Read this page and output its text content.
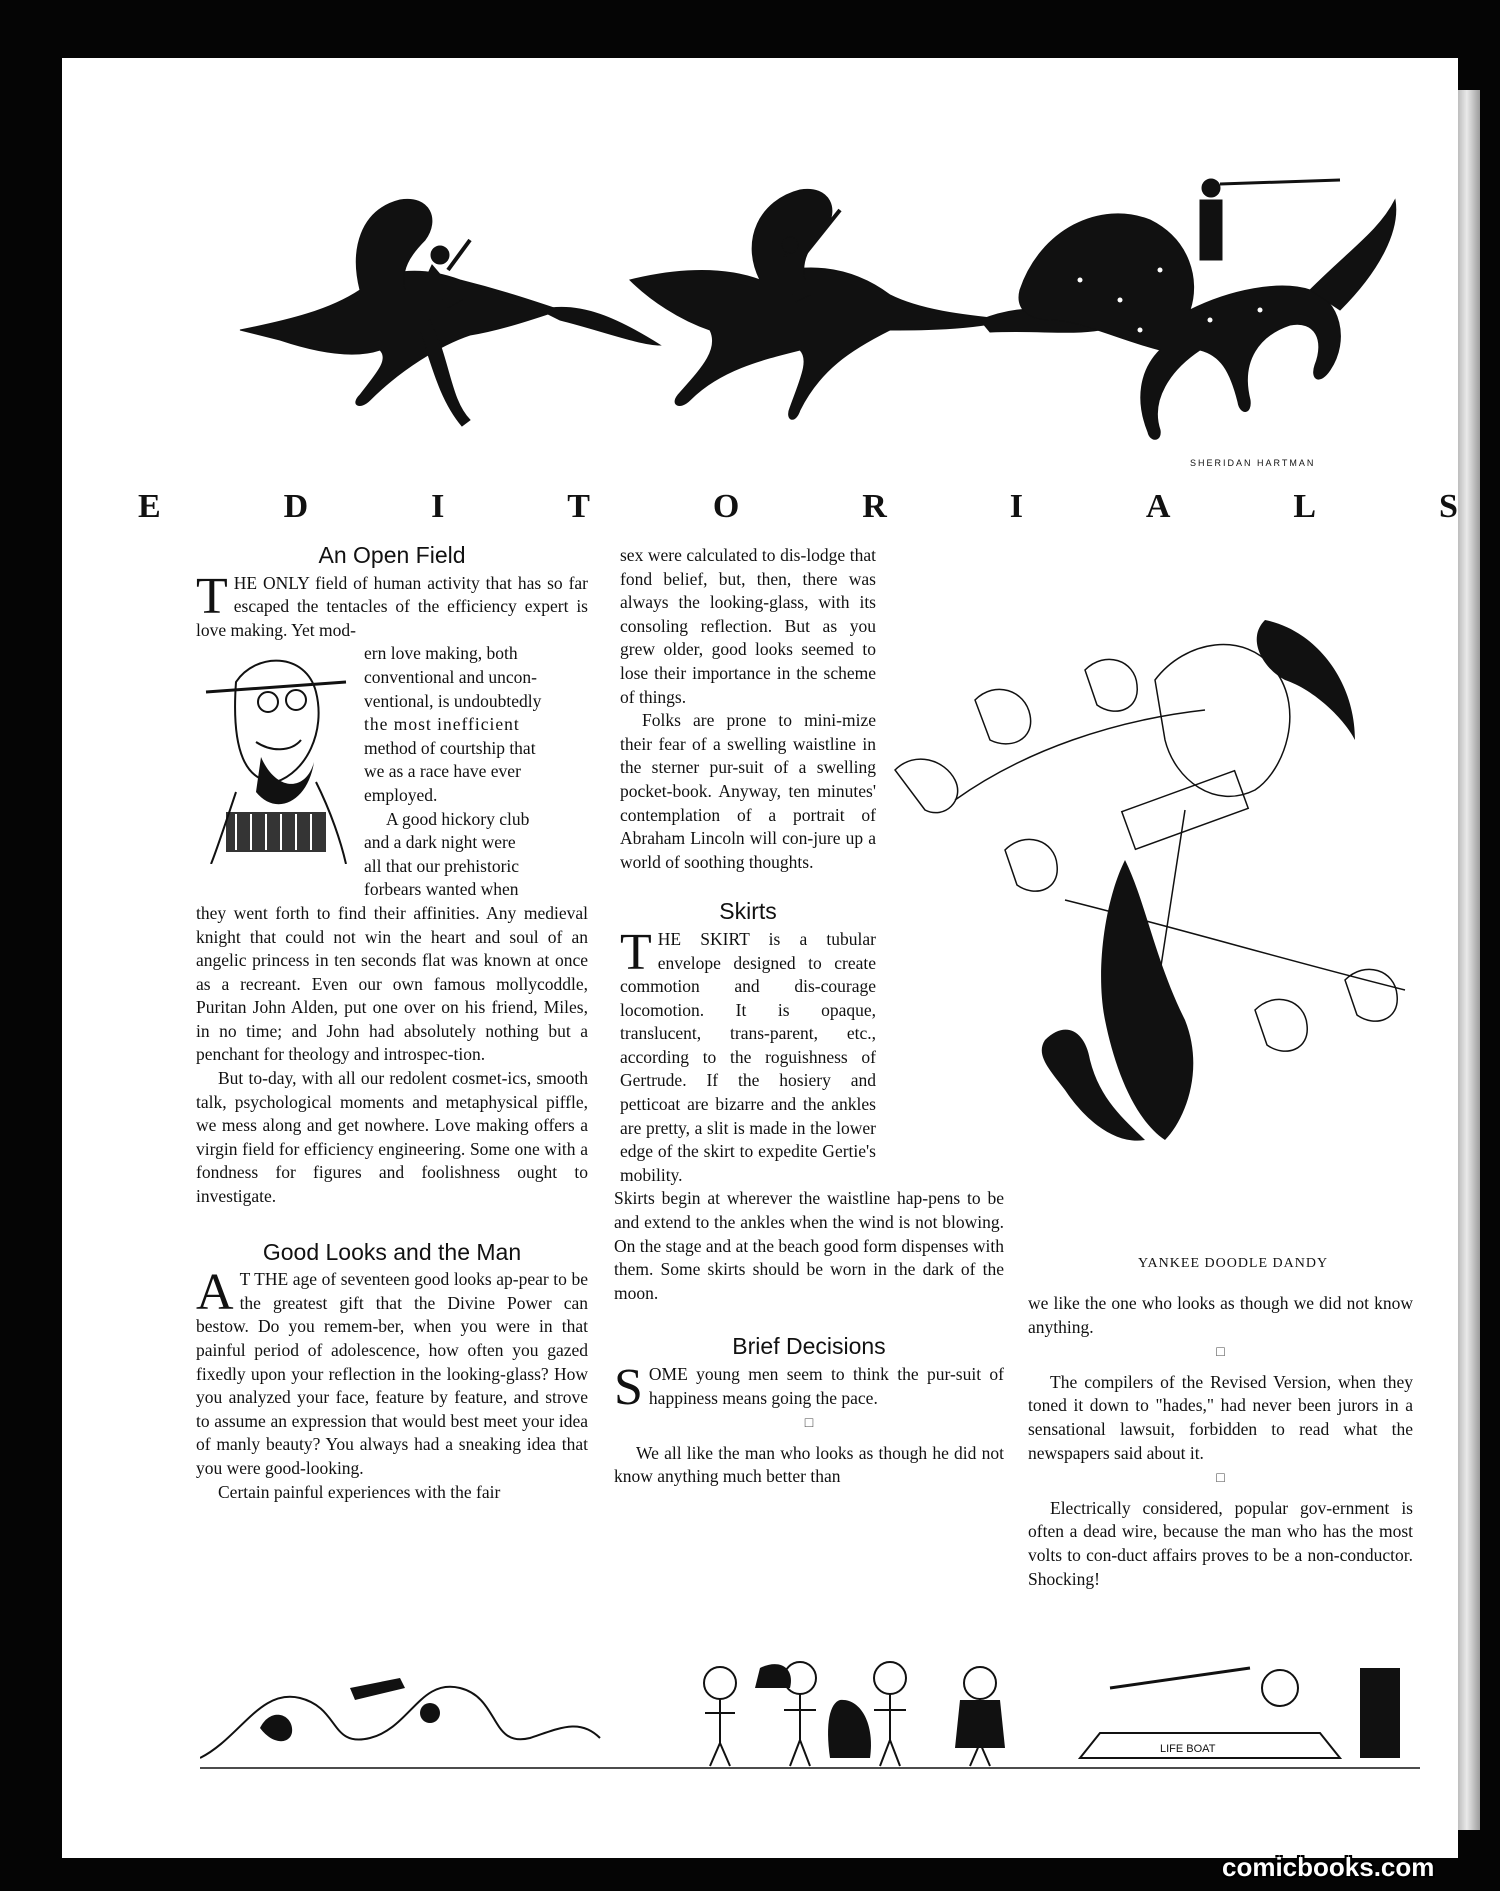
SHERIDAN HARTMAN
E	D	I	T	O	R	I	A	L	S
An Open Field

THE ONLY field of human activity that has so far escaped the tentacles of the efficiency expert is love making. Yet mod-

ern love making, both
conventional and uncon-
ventional, is undoubtedly
the most inefficient
method of courtship that
we as a race have ever
employed.
A good hickory club
and a dark night were
all that our prehistoric
forbears wanted when

they went forth to find their affinities. Any medieval knight that could not win the heart and soul of an angelic princess in ten seconds flat was known at once as a recreant. Even our own famous mollycoddle, Puritan John Alden, put one over on his friend, Miles, in no time; and John had absolutely nothing but a penchant for theology and introspec-tion.

But to-day, with all our redolent cosmet-ics, smooth talk, psychological moments and metaphysical piffle, we mess along and get nowhere. Love making offers a virgin field for efficiency engineering. Some one with a fondness for figures and foolishness ought to investigate.

Good Looks and the Man

A T THE age of seventeen good looks ap-pear to be the greatest gift that the Divine Power can bestow. Do you remem-ber, when you were in that painful period of adolescence, how often you gazed fixedly upon your reflection in the looking-glass? How you analyzed your face, feature by feature, and strove to assume an expression that would best meet your idea of manly beauty? You always had a sneaking idea that you were good-looking.

Certain painful experiences with the fair

sex were calculated to dis-lodge that fond belief, but, then, there was always the looking-glass, with its consoling reflection. But as you grew older, good looks seemed to lose their importance in the scheme of things.

Folks are prone to mini-mize their fear of a swelling waistline in the sterner pur-suit of a swelling pocket-book. Anyway, ten minutes' contemplation of a portrait of Abraham Lincoln will con-jure up a world of soothing thoughts.

Skirts

THE SKIRT is a tubular envelope designed to create commotion and dis-courage locomotion. It is opaque, translucent, trans-parent, etc., according to the roguishness of Gertrude. If the hosiery and petticoat are bizarre and the ankles are pretty, a slit is made in the lower edge of the skirt to expedite Gertie's mobility.

Skirts begin at wherever the waistline hap-pens to be and extend to the ankles when the wind is not blowing. On the stage and at the beach good form dispenses with them. Some skirts should be worn in the dark of the moon.

Brief Decisions

SOME young men seem to think the pur-suit of happiness means going the pace.

□

We all like the man who looks as though he did not know anything much better than

YANKEE DOODLE DANDY

we like the one who looks as though we did not know anything.

□

The compilers of the Revised Version, when they toned it down to "hades," had never been jurors in a sensational lawsuit, forbidden to read what the newspapers said about it.

□

Electrically considered, popular gov-ernment is often a dead wire, because the man who has the most volts to con-duct affairs proves to be a non-conductor. Shocking!

LIFE BOAT
comicbooks.com
